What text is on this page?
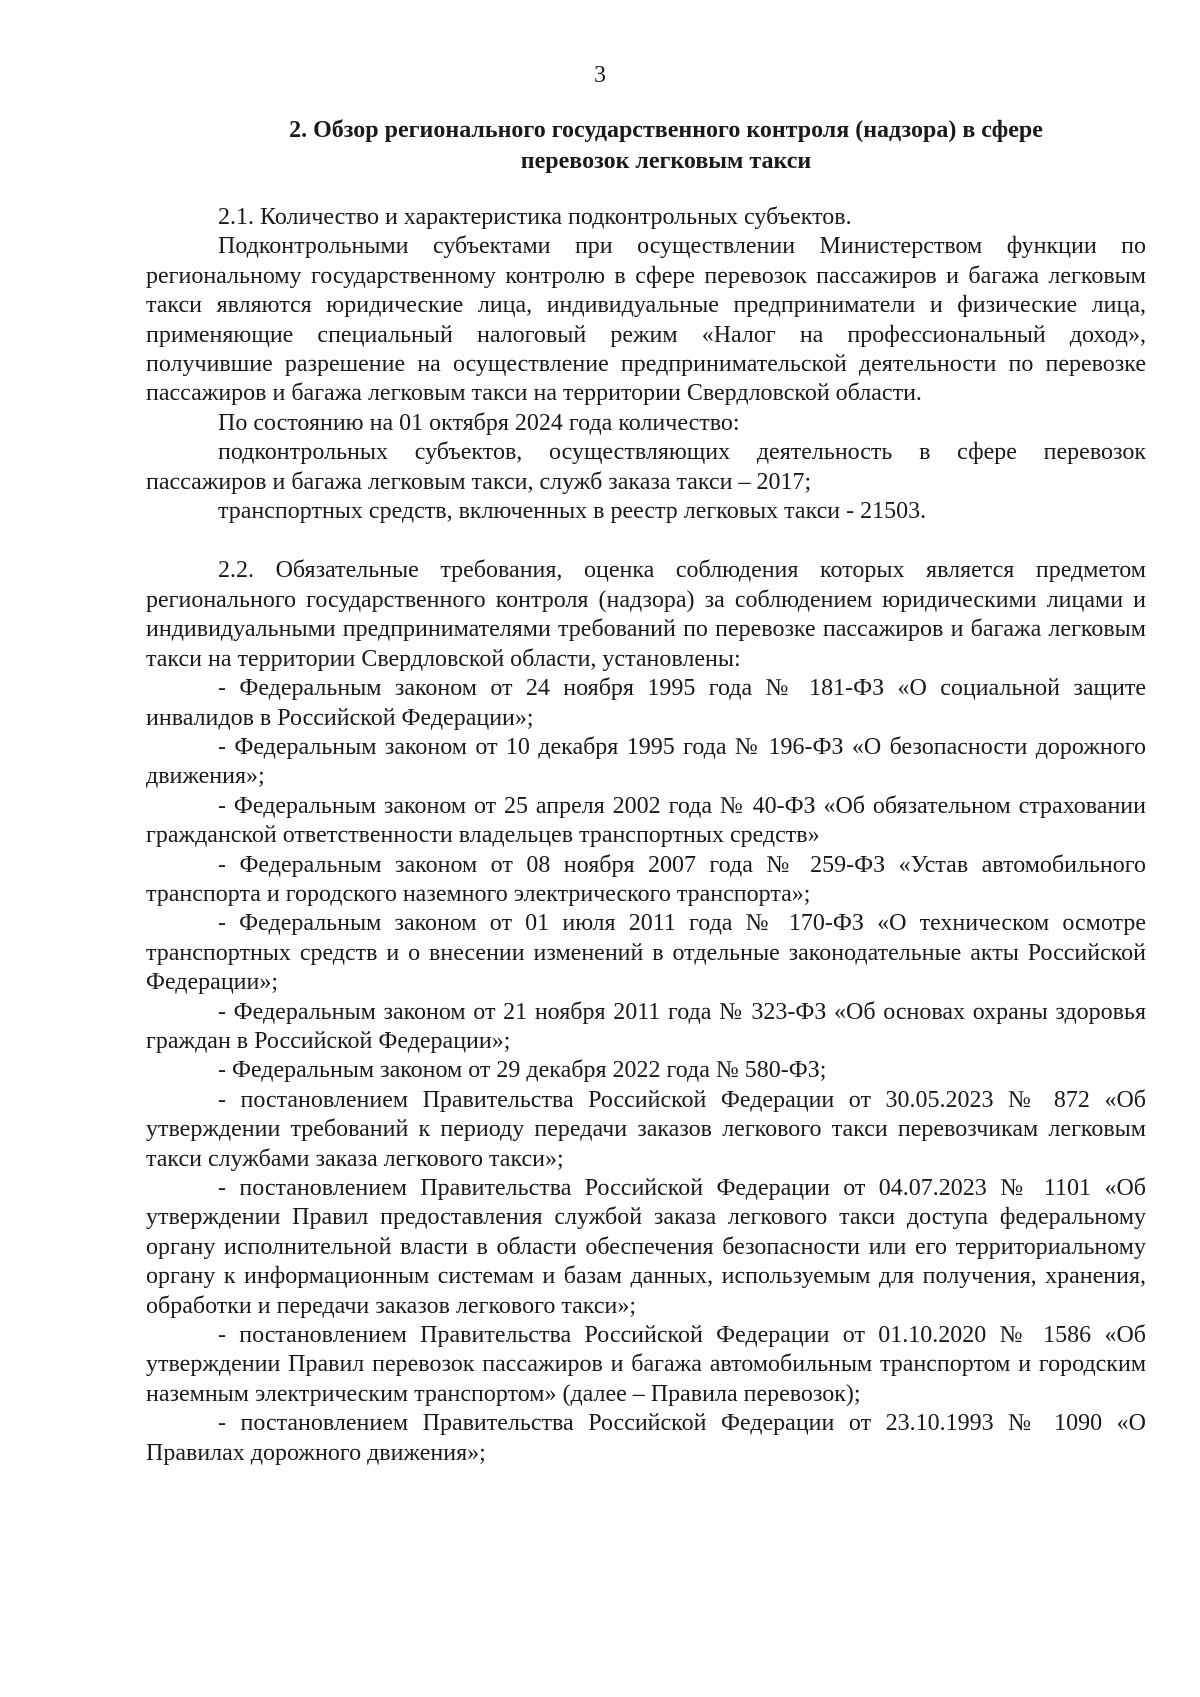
3
2. Обзор регионального государственного контроля (надзора) в сфере
перевозок легковым такси

2.1. Количество и характеристика подконтрольных субъектов.

Подконтрольными субъектами при осуществлении Министерством функции по региональному государственному контролю в сфере перевозок пассажиров и багажа легковым такси являются юридические лица, индивидуальные предприниматели и физические лица, применяющие специальный налоговый режим «Налог на профессиональный доход», получившие разрешение на осуществление предпринимательской деятельности по перевозке пассажиров и багажа легковым такси на территории Свердловской области.

По состоянию на 01 октября 2024 года количество:

подконтрольных субъектов, осуществляющих деятельность в сфере перевозок пассажиров и багажа легковым такси, служб заказа такси – 2017;

транспортных средств, включенных в реестр легковых такси - 21503.

2.2. Обязательные требования, оценка соблюдения которых является предметом регионального государственного контроля (надзора) за соблюдением юридическими лицами и индивидуальными предпринимателями требований по перевозке пассажиров и багажа легковым такси на территории Свердловской области, установлены:

- Федеральным законом от 24 ноября 1995 года № 181-ФЗ «О социальной защите инвалидов в Российской Федерации»;

- Федеральным законом от 10 декабря 1995 года № 196-ФЗ «О безопасности дорожного движения»;

- Федеральным законом от 25 апреля 2002 года № 40-ФЗ «Об обязательном страховании гражданской ответственности владельцев транспортных средств»

- Федеральным законом от 08 ноября 2007 года № 259-ФЗ «Устав автомобильного транспорта и городского наземного электрического транспорта»;

- Федеральным законом от 01 июля 2011 года № 170-ФЗ «О техническом осмотре транспортных средств и о внесении изменений в отдельные законодательные акты Российской Федерации»;

- Федеральным законом от 21 ноября 2011 года № 323-ФЗ «Об основах охраны здоровья граждан в Российской Федерации»;

- Федеральным законом от 29 декабря 2022 года № 580-ФЗ;

- постановлением Правительства Российской Федерации от 30.05.2023 № 872 «Об утверждении требований к периоду передачи заказов легкового такси перевозчикам легковым такси службами заказа легкового такси»;

- постановлением Правительства Российской Федерации от 04.07.2023 № 1101 «Об утверждении Правил предоставления службой заказа легкового такси доступа федеральному органу исполнительной власти в области обеспечения безопасности или его территориальному органу к информационным системам и базам данных, используемым для получения, хранения, обработки и передачи заказов легкового такси»;

- постановлением Правительства Российской Федерации от 01.10.2020 № 1586 «Об утверждении Правил перевозок пассажиров и багажа автомобильным транспортом и городским наземным электрическим транспортом» (далее – Правила перевозок);

- постановлением Правительства Российской Федерации от 23.10.1993 № 1090 «О Правилах дорожного движения»;
